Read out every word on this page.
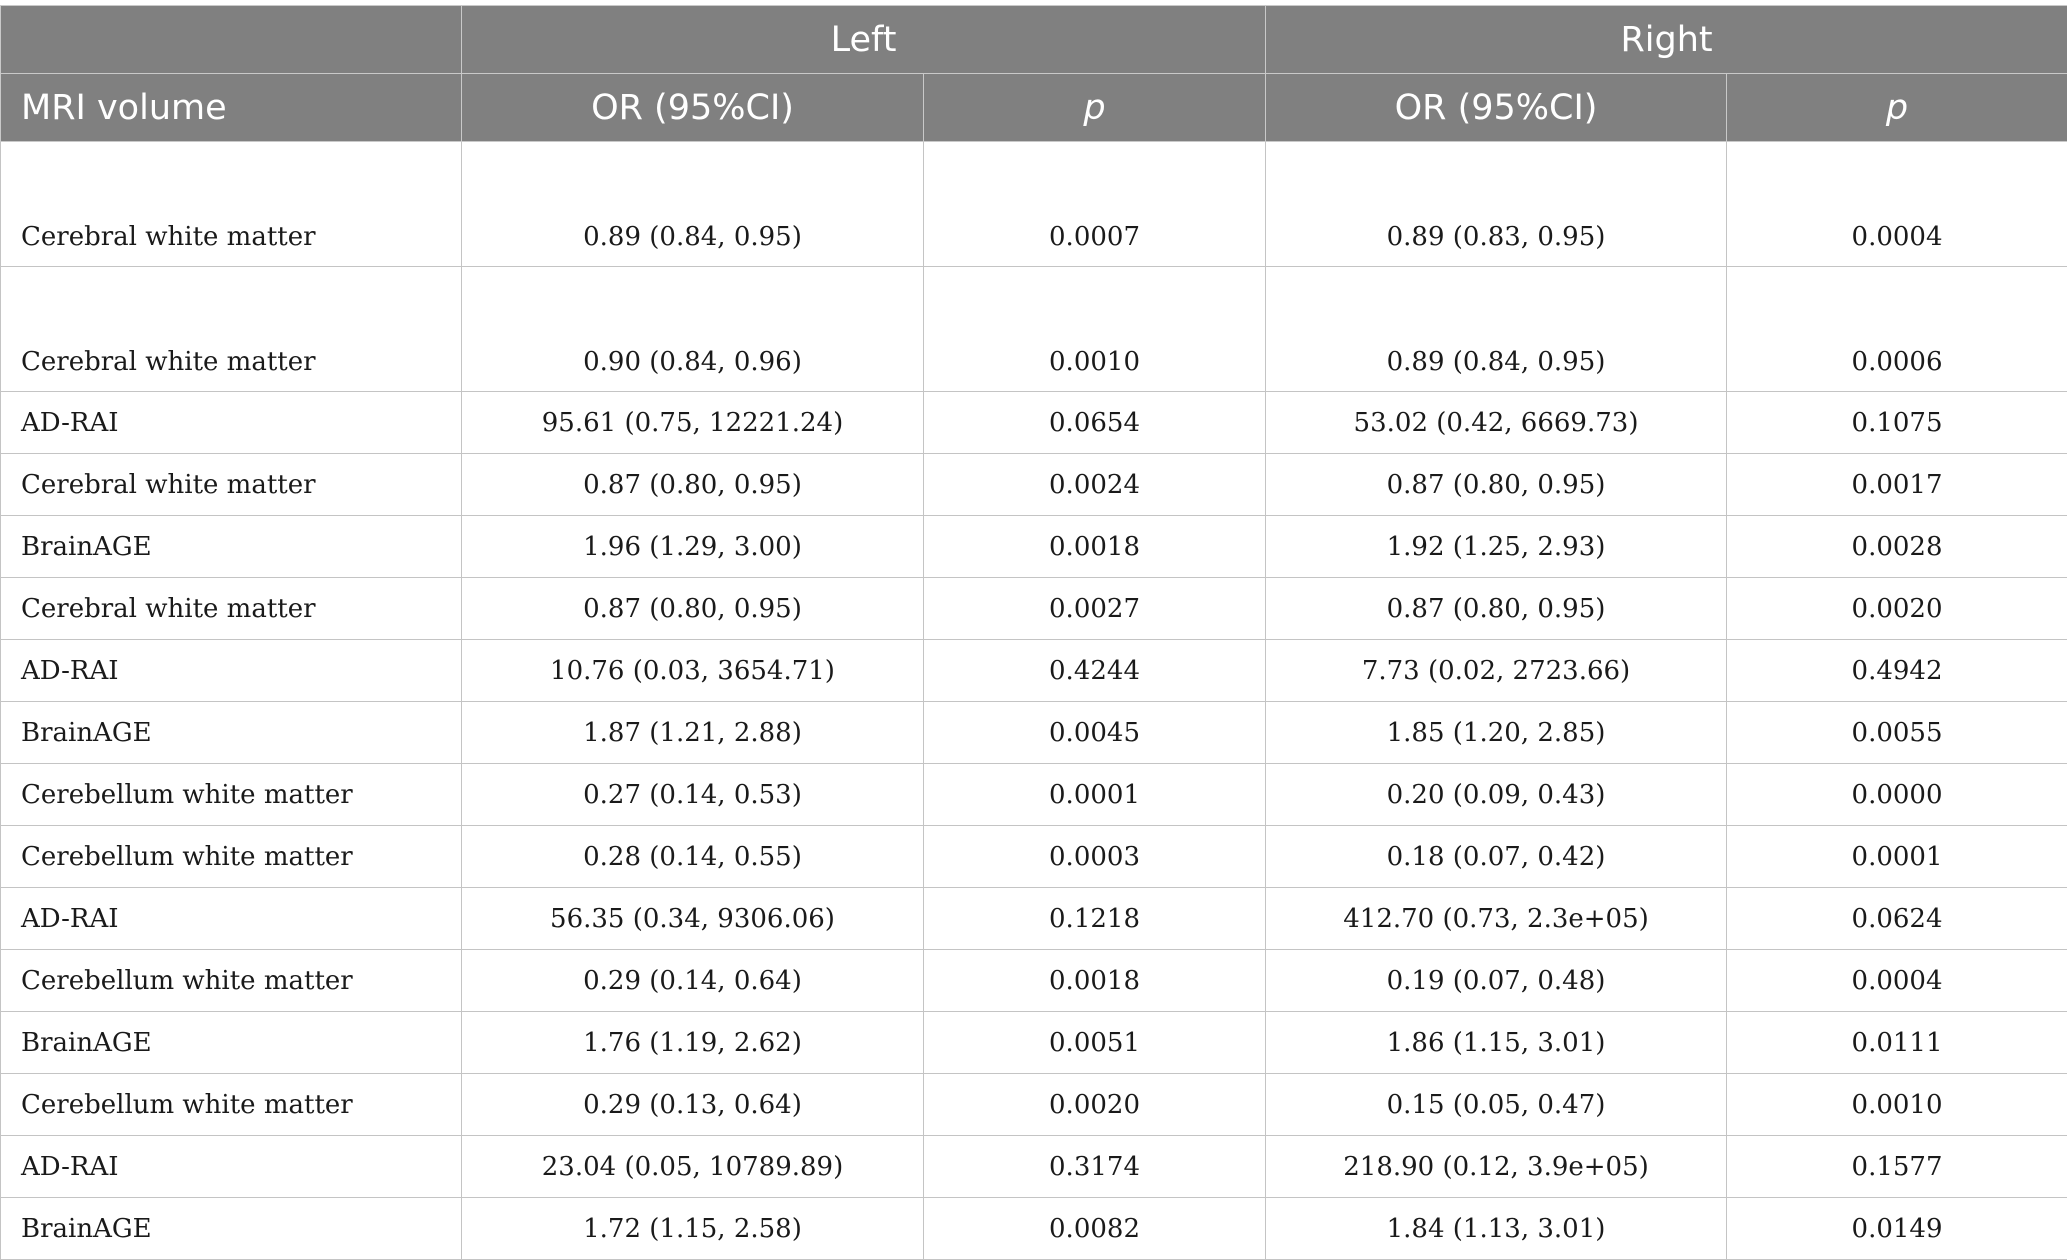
	Left		Right	
MRI volume	OR (95%CI)	p	OR (95%CI)	p
Cerebral white matter	0.89 (0.84, 0.95)	0.0007	0.89 (0.83, 0.95)	0.0004
Cerebral white matter	0.90 (0.84, 0.96)	0.0010	0.89 (0.84, 0.95)	0.0006
AD-RAI	95.61 (0.75, 12221.24)	0.0654	53.02 (0.42, 6669.73)	0.1075
Cerebral white matter	0.87 (0.80, 0.95)	0.0024	0.87 (0.80, 0.95)	0.0017
BrainAGE	1.96 (1.29, 3.00)	0.0018	1.92 (1.25, 2.93)	0.0028
Cerebral white matter	0.87 (0.80, 0.95)	0.0027	0.87 (0.80, 0.95)	0.0020
AD-RAI	10.76 (0.03, 3654.71)	0.4244	7.73 (0.02, 2723.66)	0.4942
BrainAGE	1.87 (1.21, 2.88)	0.0045	1.85 (1.20, 2.85)	0.0055
Cerebellum white matter	0.27 (0.14, 0.53)	0.0001	0.20 (0.09, 0.43)	0.0000
Cerebellum white matter	0.28 (0.14, 0.55)	0.0003	0.18 (0.07, 0.42)	0.0001
AD-RAI	56.35 (0.34, 9306.06)	0.1218	412.70 (0.73, 2.3e+05)	0.0624
Cerebellum white matter	0.29 (0.14, 0.64)	0.0018	0.19 (0.07, 0.48)	0.0004
BrainAGE	1.76 (1.19, 2.62)	0.0051	1.86 (1.15, 3.01)	0.0111
Cerebellum white matter	0.29 (0.13, 0.64)	0.0020	0.15 (0.05, 0.47)	0.0010
AD-RAI	23.04 (0.05, 10789.89)	0.3174	218.90 (0.12, 3.9e+05)	0.1577
BrainAGE	1.72 (1.15, 2.58)	0.0082	1.84 (1.13, 3.01)	0.0149
